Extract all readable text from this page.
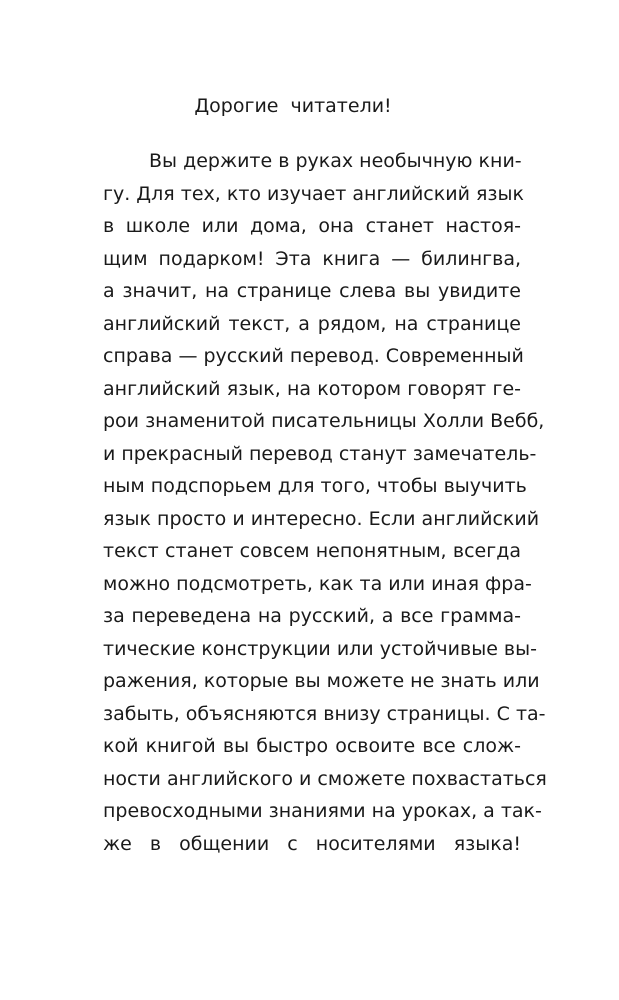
Дорогие читатели!
Вы держите в руках необычную кни-
гу. Для тех, кто изучает английский язык
в школе или дома, она станет настоя-
щим подарком! Эта книга — билингва,
а значит, на странице слева вы увидите
английский текст, а рядом, на странице
справа — русский перевод. Современный
английский язык, на котором говорят ге-
рои знаменитой писательницы Холли Вебб,
и прекрасный перевод станут замечатель-
ным подспорьем для того, чтобы выучить
язык просто и интересно. Если английский
текст станет совсем непонятным, всегда
можно подсмотреть, как та или иная фра-
за переведена на русский, а все грамма-
тические конструкции или устойчивые вы-
ражения, которые вы можете не знать или
забыть, объясняются внизу страницы. С та-
кой книгой вы быстро освоите все слож-
ности английского и сможете похвастаться
превосходными знаниями на уроках, а так-
же в общении с носителями языка!
